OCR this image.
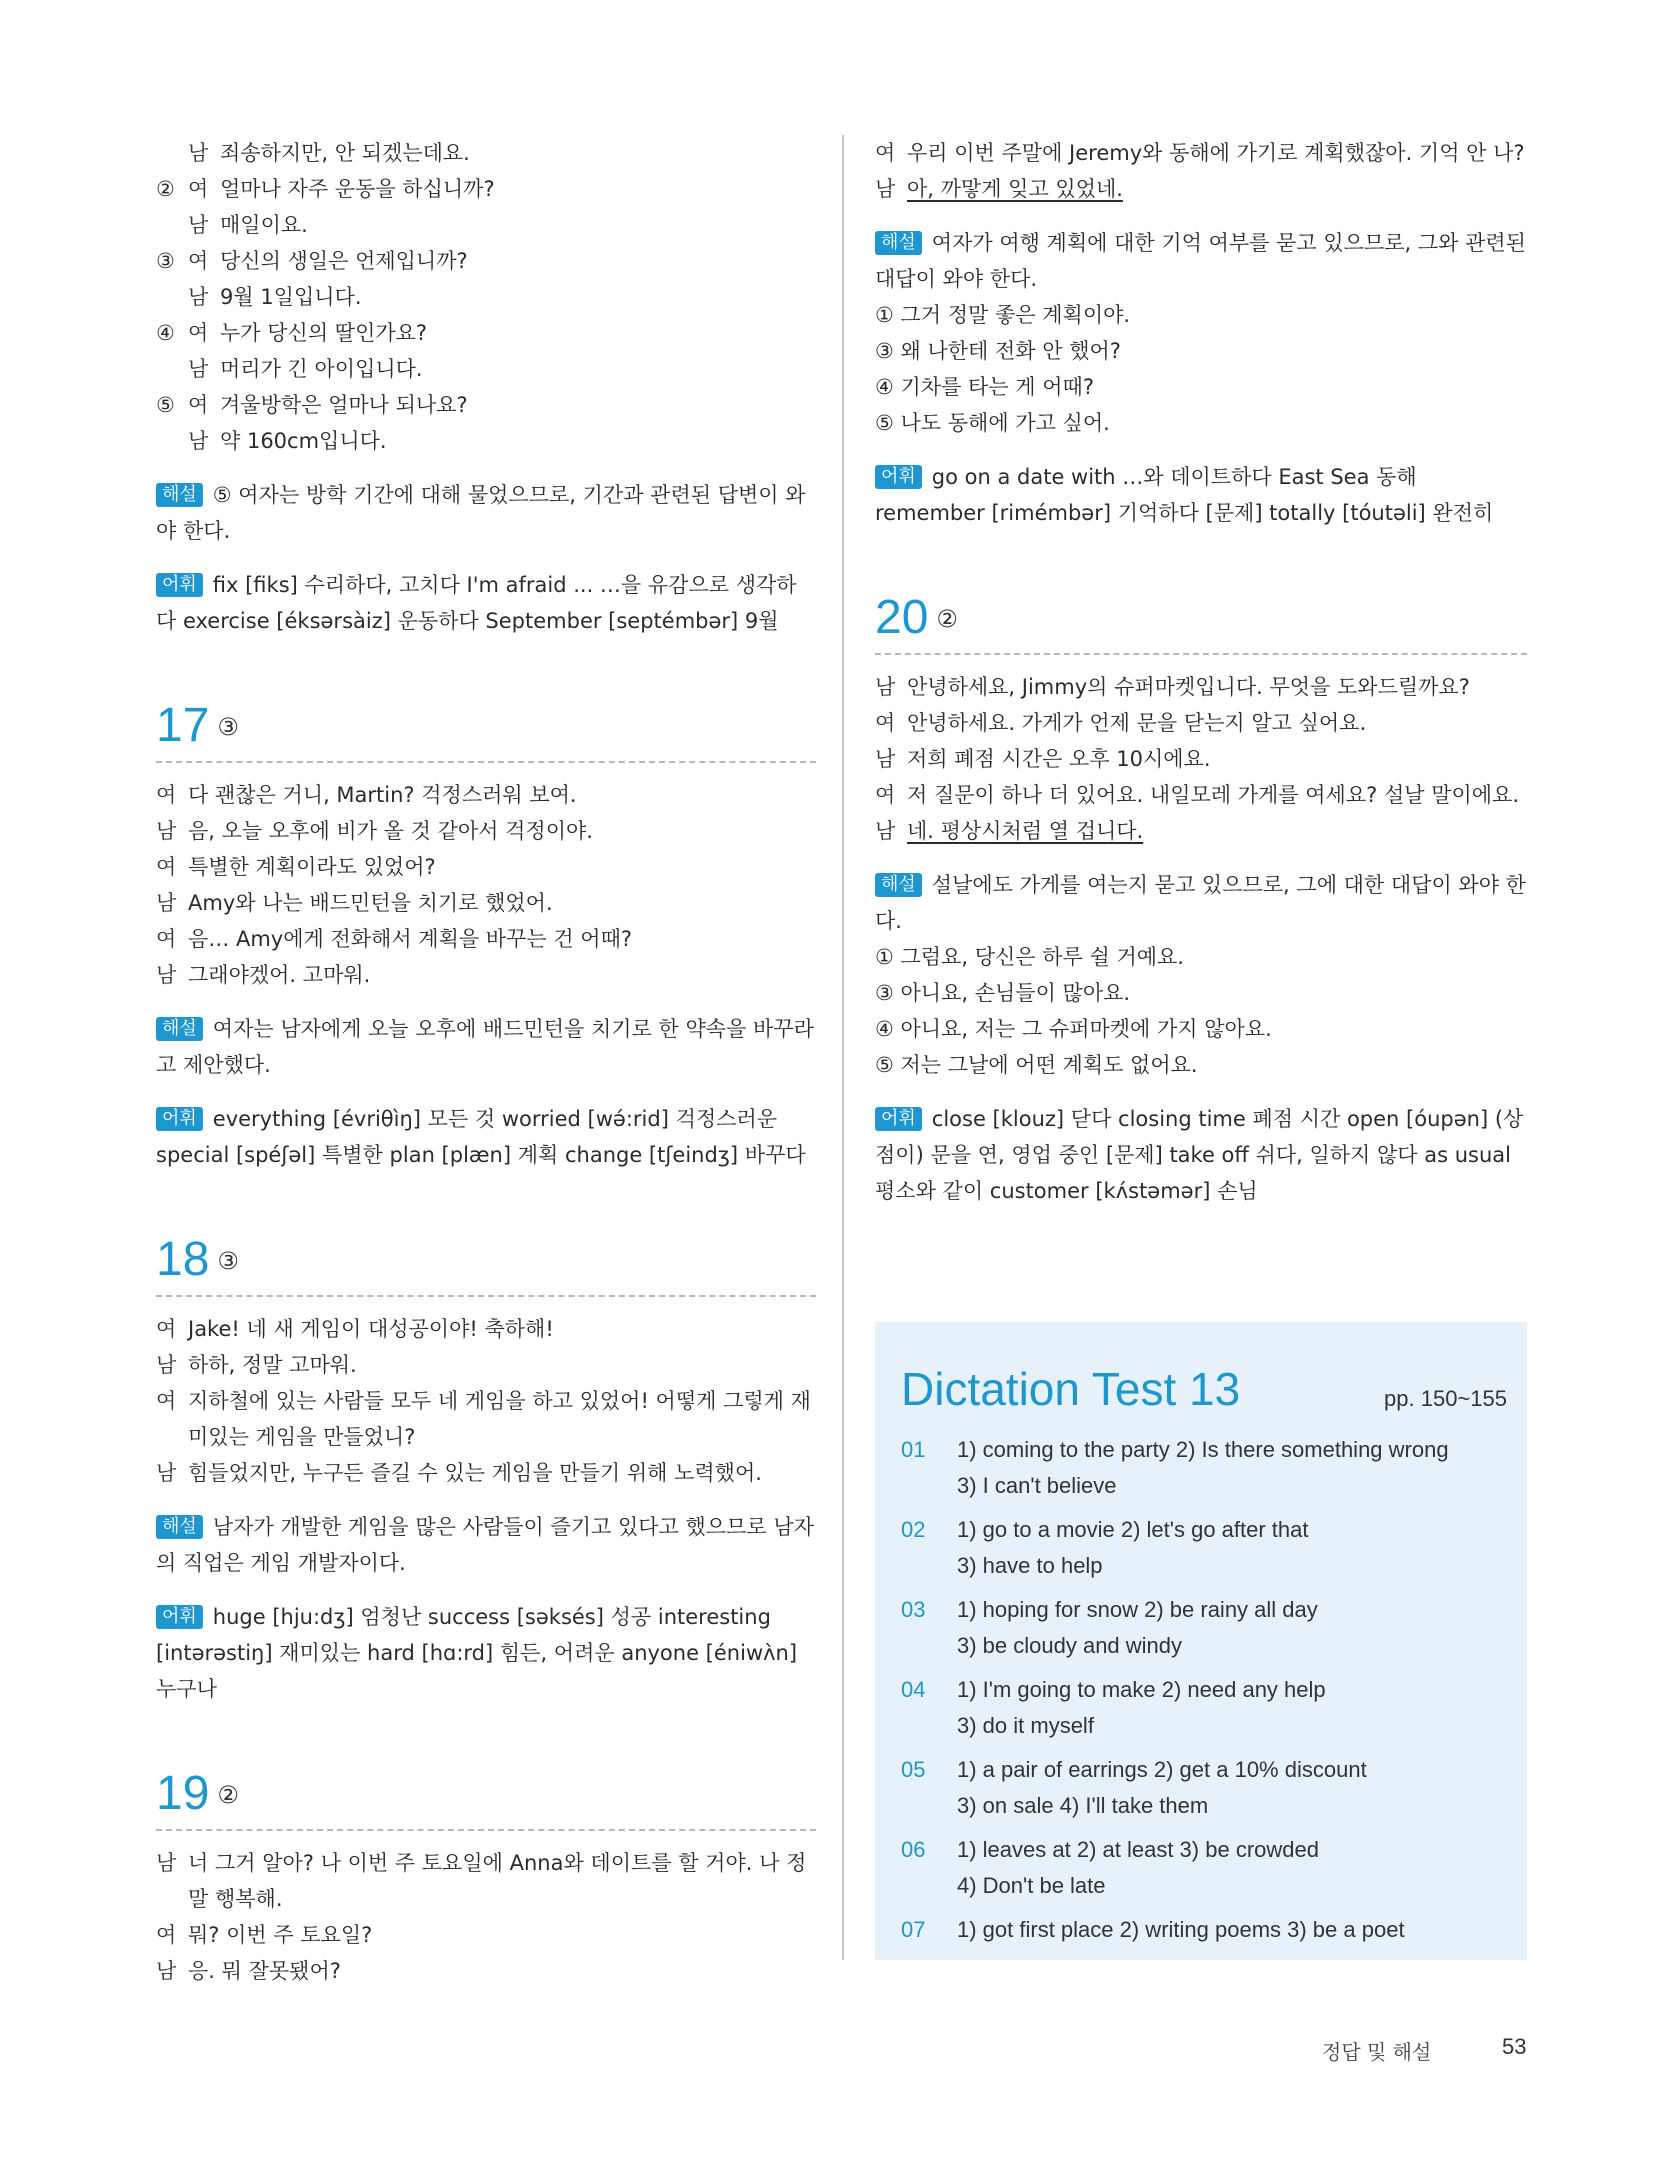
남 죄송하지만, 안 되겠는데요.
② 여 얼마나 자주 운동을 하십니까?
남 매일이요.
③ 여 당신의 생일은 언제입니까?
남 9월 1일입니다.
④ 여 누가 당신의 딸인가요?
남 머리가 긴 아이입니다.
⑤ 여 겨울방학은 얼마나 되나요?
남 약 160cm입니다.
해설 ⑤ 여자는 방학 기간에 대해 물었으므로, 기간과 관련된 답변이 와야 한다.
어휘 fix [fiks] 수리하다, 고치다 I'm afraid ... …을 유감으로 생각하다 exercise [éksərsàiz] 운동하다 September [septémbər] 9월
17 ③
여 다 괜찮은 거니, Martin? 걱정스러워 보여.
남 음, 오늘 오후에 비가 올 것 같아서 걱정이야.
여 특별한 계획이라도 있었어?
남 Amy와 나는 배드민턴을 치기로 했었어.
여 음… Amy에게 전화해서 계획을 바꾸는 건 어때?
남 그래야겠어. 고마워.
해설 여자는 남자에게 오늘 오후에 배드민턴을 치기로 한 약속을 바꾸라고 제안했다.
어휘 everything [évriθìŋ] 모든 것 worried [wə́:rid] 걱정스러운 special [spéʃəl] 특별한 plan [plæn] 계획 change [tʃeindʒ] 바꾸다
18 ③
여 Jake! 네 새 게임이 대성공이야! 축하해!
남 하하, 정말 고마워.
여 지하철에 있는 사람들 모두 네 게임을 하고 있었어! 어떻게 그렇게 재미있는 게임을 만들었니?
남 힘들었지만, 누구든 즐길 수 있는 게임을 만들기 위해 노력했어.
해설 남자가 개발한 게임을 많은 사람들이 즐기고 있다고 했으므로 남자의 직업은 게임 개발자이다.
어휘 huge [hju:dʒ] 엄청난 success [səksés] 성공 interesting [intərəstiŋ] 재미있는 hard [hɑ:rd] 힘든, 어려운 anyone [éniwʌ̀n] 누구나
19 ②
남 너 그거 알아? 나 이번 주 토요일에 Anna와 데이트를 할 거야. 나 정말 행복해.
여 뭐? 이번 주 토요일?
남 응. 뭐 잘못됐어?
여 우리 이번 주말에 Jeremy와 동해에 가기로 계획했잖아. 기억 안 나?
남 아, 까맣게 잊고 있었네.
해설 여자가 여행 계획에 대한 기억 여부를 묻고 있으므로, 그와 관련된 대답이 와야 한다.
① 그거 정말 좋은 계획이야.
③ 왜 나한테 전화 안 했어?
④ 기차를 타는 게 어때?
⑤ 나도 동해에 가고 싶어.
어휘 go on a date with …와 데이트하다 East Sea 동해 remember [rimémbər] 기억하다 [문제] totally [tóutəli] 완전히
20 ②
남 안녕하세요, Jimmy의 슈퍼마켓입니다. 무엇을 도와드릴까요?
여 안녕하세요. 가게가 언제 문을 닫는지 알고 싶어요.
남 저희 폐점 시간은 오후 10시에요.
여 저 질문이 하나 더 있어요. 내일모레 가게를 여세요? 설날 말이에요.
남 네. 평상시처럼 열 겁니다.
해설 설날에도 가게를 여는지 묻고 있으므로, 그에 대한 대답이 와야 한다.
① 그럼요, 당신은 하루 쉴 거예요.
③ 아니요, 손님들이 많아요.
④ 아니요, 저는 그 슈퍼마켓에 가지 않아요.
⑤ 저는 그날에 어떤 계획도 없어요.
어휘 close [klouz] 닫다 closing time 폐점 시간 open [óupən] (상점이) 문을 연, 영업 중인 [문제] take off 쉬다, 일하지 않다 as usual 평소와 같이 customer [kʌ́stəmər] 손님
Dictation Test 13	pp. 150~155
01	1) coming to the party 2) Is there something wrong
3) I can't believe
02	1) go to a movie 2) let's go after that
3) have to help
03	1) hoping for snow 2) be rainy all day
3) be cloudy and windy
04	1) I'm going to make 2) need any help
3) do it myself
05	1) a pair of earrings 2) get a 10% discount
3) on sale 4) I'll take them
06	1) leaves at 2) at least 3) be crowded
4) Don't be late
07	1) got first place 2) writing poems 3) be a poet
정답 및 해설	53
